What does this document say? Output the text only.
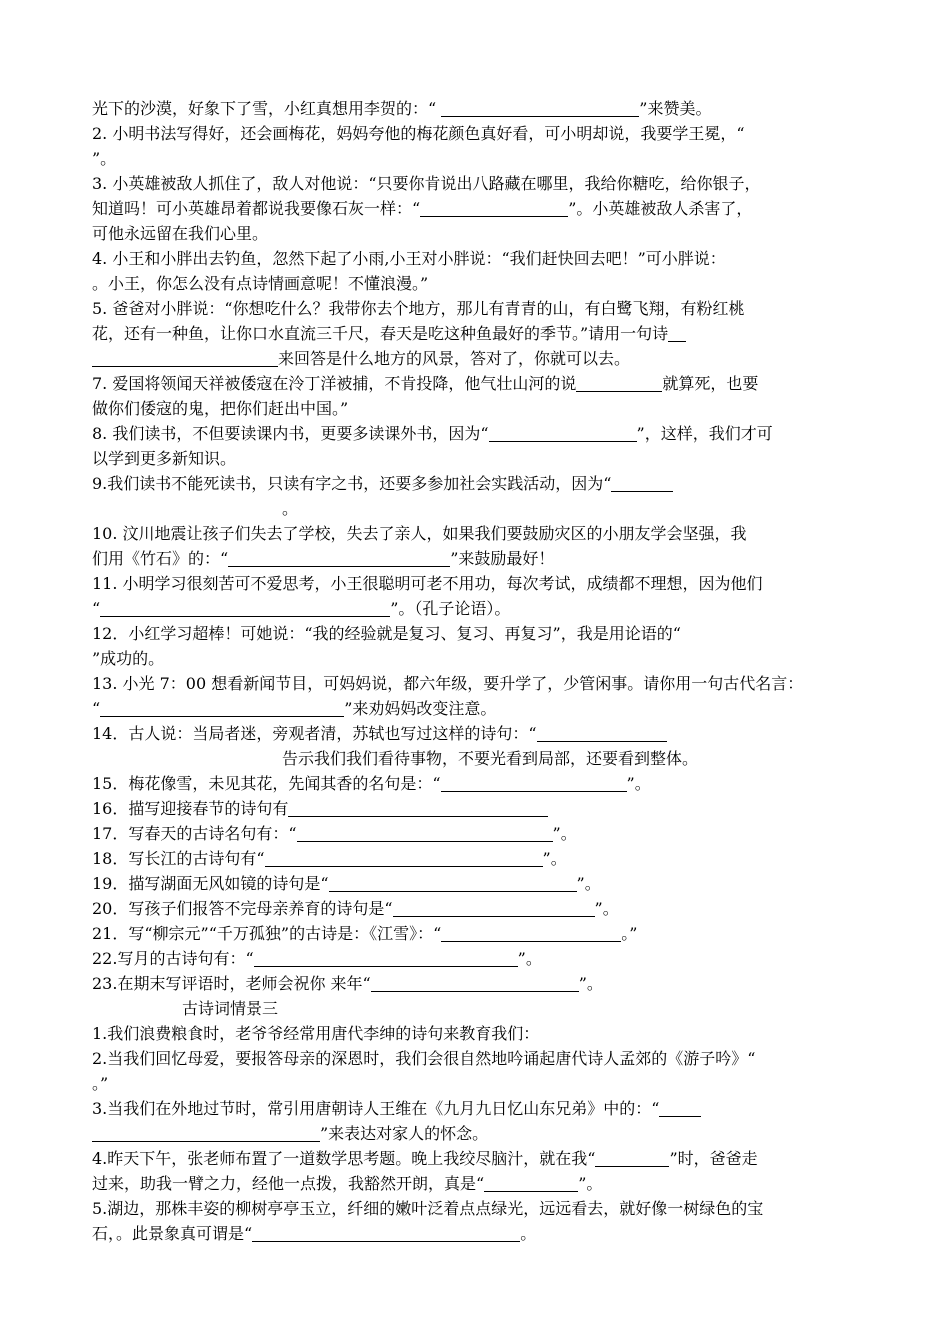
光下的沙漠，好象下了雪，小红真想用李贺的：“	”来赞美。
2. 小明书法写得好，还会画梅花，妈妈夸他的梅花颜色真好看，可小明却说，我要学王冕，“
”。
3. 小英雄被敌人抓住了，敌人对他说：“只要你肯说出八路藏在哪里，我给你糖吃，给你银子，
知道吗！可小英雄昂着都说我要像石灰一样：“	”。小英雄被敌人杀害了，
可他永远留在我们心里。
4. 小王和小胖出去钓鱼，忽然下起了小雨,小王对小胖说：“我们赶快回去吧！”可小胖说：
。小王，你怎么没有点诗情画意呢！不懂浪漫。”
5. 爸爸对小胖说：“你想吃什么？我带你去个地方，那儿有青青的山，有白鹭飞翔，有粉红桃
花，还有一种鱼，让你口水直流三千尺，春天是吃这种鱼最好的季节。”请用一句诗
来回答是什么地方的风景，答对了，你就可以去。
7. 爱国将领闻天祥被倭寇在泠丁洋被捕，不肯投降，他气壮山河的说	就算死，也要
做你们倭寇的鬼，把你们赶出中国。”
8. 我们读书，不但要读课内书，更要多读课外书，因为“	”，这样，我们才可
以学到更多新知识。
9.我们读书不能死读书，只读有字之书，还要多参加社会实践活动，因为“
。
10. 汶川地震让孩子们失去了学校，失去了亲人，如果我们要鼓励灾区的小朋友学会坚强，我
们用《竹石》的：“	”来鼓励最好！
11. 小明学习很刻苦可不爱思考，小王很聪明可老不用功，每次考试，成绩都不理想，因为他们
“	”。（孔子论语）。
12．小红学习超棒！可她说：“我的经验就是复习、复习、再复习”，我是用论语的“
”成功的。
13. 小光 7：00 想看新闻节目，可妈妈说，都六年级，要升学了，少管闲事。请你用一句古代名言：
“	”来劝妈妈改变注意。
14．古人说：当局者迷，旁观者清，苏轼也写过这样的诗句：“
告示我们我们看待事物，不要光看到局部，还要看到整体。
15．梅花像雪，未见其花，先闻其香的名句是：“	”。
16．描写迎接春节的诗句有
17．写春天的古诗名句有：“	”。
18．写长江的古诗句有“	”。
19．描写湖面无风如镜的诗句是“	”。
20．写孩子们报答不完母亲养育的诗句是“	”。
21．写“柳宗元”“千万孤独”的古诗是：《江雪》：“	。”
22.写月的古诗句有：“	”。
23.在期末写评语时，老师会祝你 来年“	”。
古诗词情景三
1.我们浪费粮食时，老爷爷经常用唐代李绅的诗句来教育我们：
2.当我们回忆母爱，要报答母亲的深恩时，我们会很自然地吟诵起唐代诗人孟郊的《游子吟》“
。”
3.当我们在外地过节时，常引用唐朝诗人王维在《九月九日忆山东兄弟》中的：“
”来表达对家人的怀念。
4.昨天下午，张老师布置了一道数学思考题。晚上我绞尽脑汁，就在我“	”时，爸爸走
过来，助我一臂之力，经他一点拨，我豁然开朗，真是“	”。
5.湖边，那株丰姿的柳树亭亭玉立，纤细的嫩叶泛着点点绿光，远远看去，就好像一树绿色的宝
石，。此景象真可谓是“	。
